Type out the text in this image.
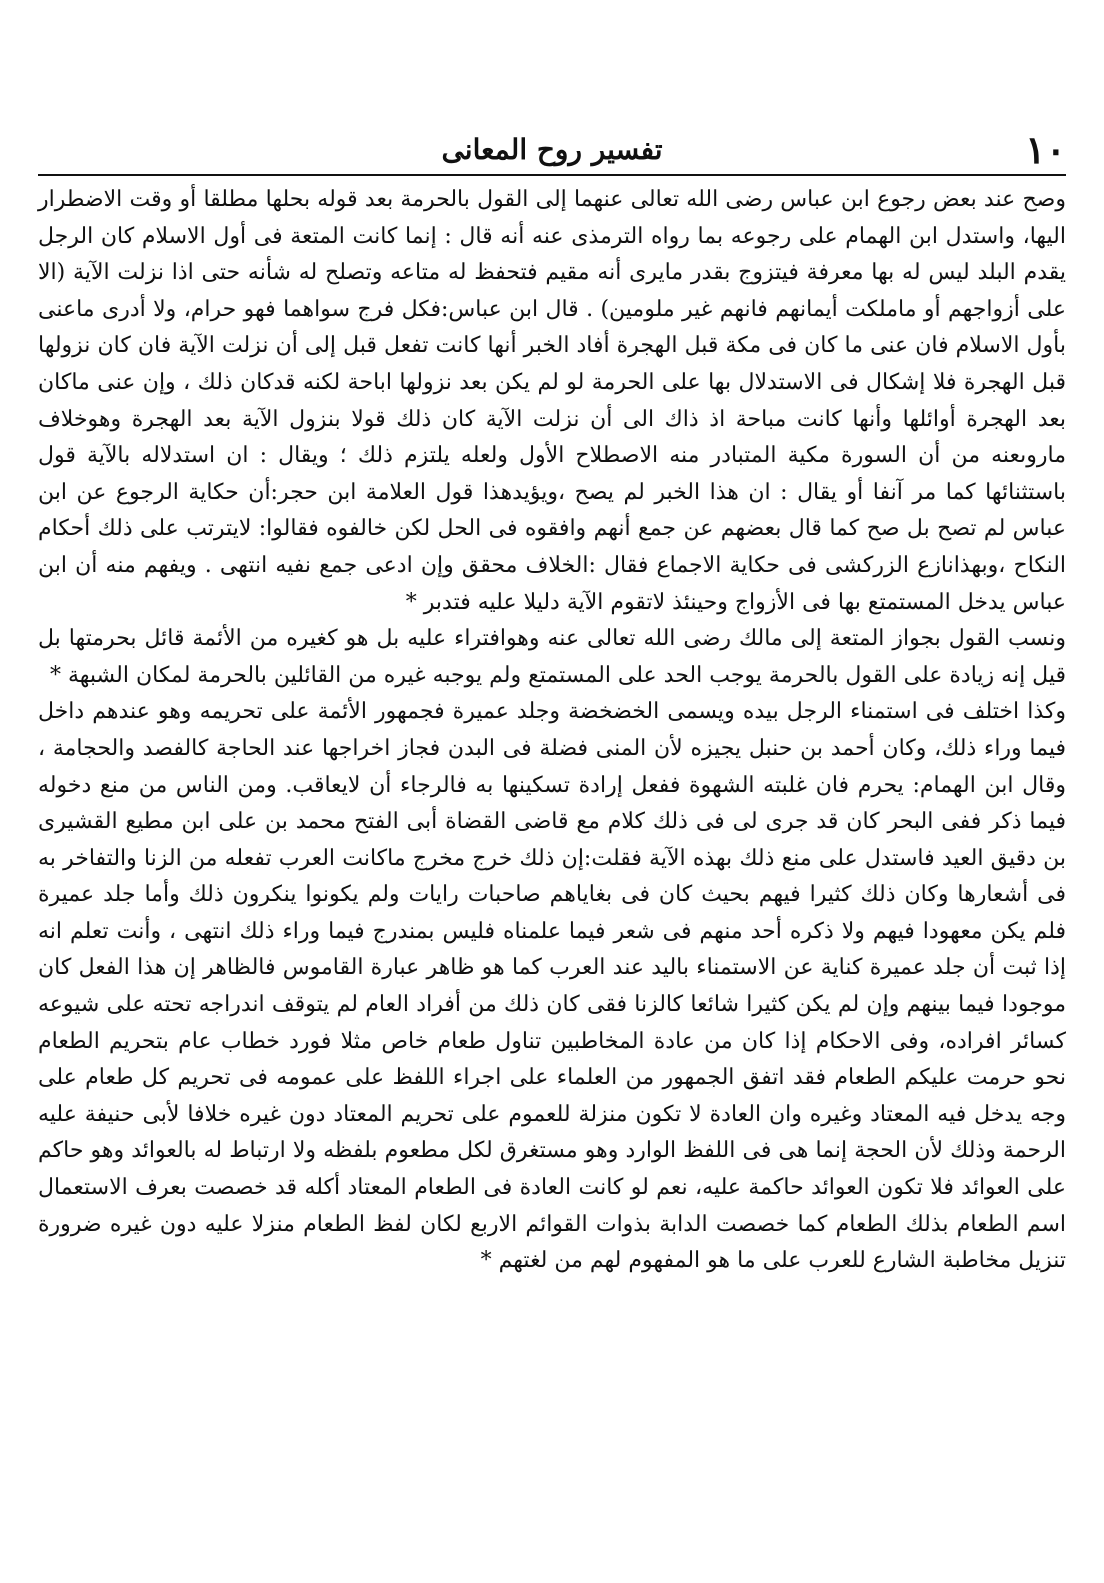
١٠
تفسير روح المعانى

وصح عند بعض رجوع ابن عباس رضى الله تعالى عنهما إلى القول بالحرمة بعد قوله بحلها مطلقا أو وقت الاضطرار اليها، واستدل ابن الهمام على رجوعه بما رواه الترمذى عنه أنه قال : إنما كانت المتعة فى أول الاسلام كان الرجل يقدم البلد ليس له بها معرفة فيتزوج بقدر مايرى أنه مقيم فتحفظ له متاعه وتصلح له شأنه حتى اذا نزلت الآية (الا على أزواجهم أو ماملكت أيمانهم فانهم غير ملومين) . قال ابن عباس:فكل فرج سواهما فهو حرام، ولا أدرى ماعنى بأول الاسلام فان عنى ما كان فى مكة قبل الهجرة أفاد الخبر أنها كانت تفعل قبل إلى أن نزلت الآية فان كان نزولها قبل الهجرة فلا إشكال فى الاستدلال بها على الحرمة لو لم يكن بعد نزولها اباحة لكنه قدكان ذلك ، وإن عنى ماكان بعد الهجرة أوائلها وأنها كانت مباحة اذ ذاك الى أن نزلت الآية كان ذلك قولا بنزول الآية بعد الهجرة وهوخلاف ماروىعنه من أن السورة مكية المتبادر منه الاصطلاح الأول ولعله يلتزم ذلك ؛ ويقال : ان استدلاله بالآية قول باستثنائها كما مر آنفا أو يقال : ان هذا الخبر لم يصح ،ويؤيدهذا قول العلامة ابن حجر:أن حكاية الرجوع عن ابن عباس لم تصح بل صح كما قال بعضهم عن جمع أنهم وافقوه فى الحل لكن خالفوه فقالوا: لايترتب على ذلك أحكام النكاح ،وبهذانازع الزركشى فى حكاية الاجماع فقال :الخلاف محقق وإن ادعى جمع نفيه انتهى . ويفهم منه أن ابن عباس يدخل المستمتع بها فى الأزواج وحينئذ لاتقوم الآية دليلا عليه فتدبر *

ونسب القول بجواز المتعة إلى مالك رضى الله تعالى عنه وهوافتراء عليه بل هو كغيره من الأئمة قائل بحرمتها بل قيل إنه زيادة على القول بالحرمة يوجب الحد على المستمتع ولم يوجبه غيره من القائلين بالحرمة لمكان الشبهة *

وكذا اختلف فى استمناء الرجل بيده ويسمى الخضخضة وجلد عميرة فجمهور الأئمة على تحريمه وهو عندهم داخل فيما وراء ذلك، وكان أحمد بن حنبل يجيزه لأن المنى فضلة فى البدن فجاز اخراجها عند الحاجة كالفصد والحجامة ، وقال ابن الهمام: يحرم فان غلبته الشهوة ففعل إرادة تسكينها به فالرجاء أن لايعاقب. ومن الناس من منع دخوله فيما ذكر ففى البحر كان قد جرى لى فى ذلك كلام مع قاضى القضاة أبى الفتح محمد بن على ابن مطيع القشيرى بن دقيق العيد فاستدل على منع ذلك بهذه الآية فقلت:إن ذلك خرج مخرج ماكانت العرب تفعله من الزنا والتفاخر به فى أشعارها وكان ذلك كثيرا فيهم بحيث كان فى بغاياهم صاحبات رايات ولم يكونوا ينكرون ذلك وأما جلد عميرة فلم يكن معهودا فيهم ولا ذكره أحد منهم فى شعر فيما علمناه فليس بمندرج فيما وراء ذلك انتهى ، وأنت تعلم انه إذا ثبت أن جلد عميرة كناية عن الاستمناء باليد عند العرب كما هو ظاهر عبارة القاموس فالظاهر إن هذا الفعل كان موجودا فيما بينهم وإن لم يكن كثيرا شائعا كالزنا فقى كان ذلك من أفراد العام لم يتوقف اندراجه تحته على شيوعه كسائر افراده، وفى الاحكام إذا كان من عادة المخاطبين تناول طعام خاص مثلا فورد خطاب عام بتحريم الطعام نحو حرمت عليكم الطعام فقد اتفق الجمهور من العلماء على اجراء اللفظ على عمومه فى تحريم كل طعام على وجه يدخل فيه المعتاد وغيره وان العادة لا تكون منزلة للعموم على تحريم المعتاد دون غيره خلافا لأبى حنيفة عليه الرحمة وذلك لأن الحجة إنما هى فى اللفظ الوارد وهو مستغرق لكل مطعوم بلفظه ولا ارتباط له بالعوائد وهو حاكم على العوائد فلا تكون العوائد حاكمة عليه، نعم لو كانت العادة فى الطعام المعتاد أكله قد خصصت بعرف الاستعمال اسم الطعام بذلك الطعام كما خصصت الدابة بذوات القوائم الاربع لكان لفظ الطعام منزلا عليه دون غيره ضرورة تنزيل مخاطبة الشارع للعرب على ما هو المفهوم لهم من لغتهم *
